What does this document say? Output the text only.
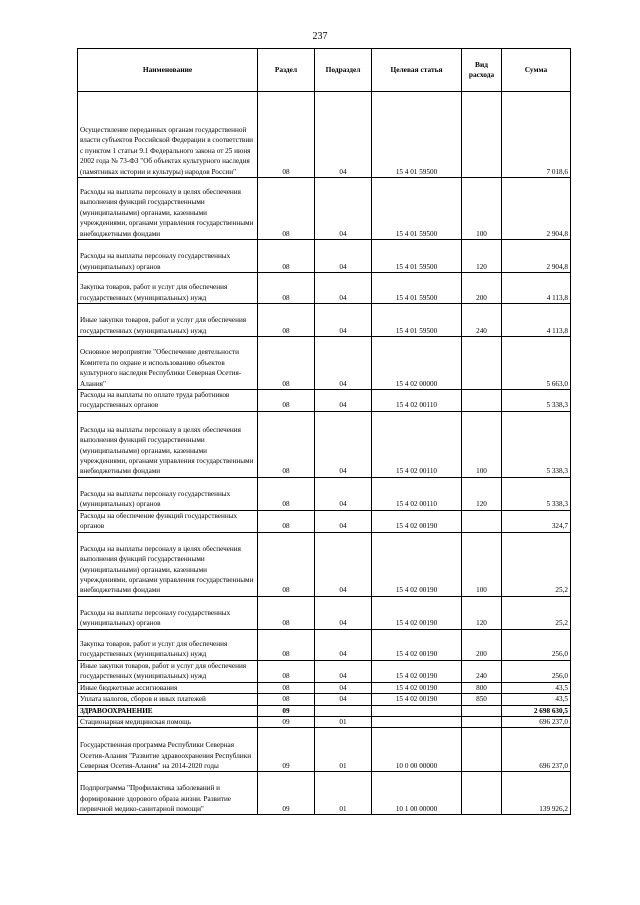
237
Наименование	Раздел	Подраздел	Целевая статья	Вид расхода	Сумма
Осуществление переданных органам государственной власти субъектов Российской Федерации в соответствии с пунктом 1 статьи 9.1 Федерального закона от 25 июня 2002 года № 73-ФЗ "Об объектах культурного наследия (памятниках истории и культуры) народов России"	08	04	15 4 01 59500		7 018,6
Расходы на выплаты персоналу в целях обеспечения выполнения функций государственными (муниципальными) органами, казенными учреждениями, органами управления государственными внебюджетными фондами	08	04	15 4 01 59500	100	2 904,8
Расходы на выплаты персоналу государственных (муниципальных) органов	08	04	15 4 01 59500	120	2 904,8
Закупка товаров, работ и услуг для обеспечения государственных (муниципальных) нужд	08	04	15 4 01 59500	200	4 113,8
Иные закупки товаров, работ и услуг для обеспечения государственных (муниципальных) нужд	08	04	15 4 01 59500	240	4 113,8
Основное мероприятие "Обеспечение деятельности Комитета по охране и использованию объектов культурного наследия Республики Северная Осетия-Алания"	08	04	15 4 02 00000		5 663,0
Расходы на выплаты по оплате труда работников государственных органов	08	04	15 4 02 00110		5 338,3
Расходы на выплаты персоналу в целях обеспечения выполнения функций государственными (муниципальными) органами, казенными учреждениями, органами управления государственными внебюджетными фондами	08	04	15 4 02 00110	100	5 338,3
Расходы на выплаты персоналу государственных (муниципальных) органов	08	04	15 4 02 00110	120	5 338,3
Расходы на обеспечение функций государственных органов	08	04	15 4 02 00190		324,7
Расходы на выплаты персоналу в целях обеспечения выполнения функций государственными (муниципальными) органами, казенными учреждениями, органами управления государственными внебюджетными фондами	08	04	15 4 02 00190	100	25,2
Расходы на выплаты персоналу государственных (муниципальных) органов	08	04	15 4 02 00190	120	25,2
Закупка товаров, работ и услуг для обеспечения государственных (муниципальных) нужд	08	04	15 4 02 00190	200	256,0
Иные закупки товаров, работ и услуг для обеспечения государственных (муниципальных) нужд	08	04	15 4 02 00190	240	256,0
Иные бюджетные ассигнования	08	04	15 4 02 00190	800	43,5
Уплата налогов, сборов и иных платежей	08	04	15 4 02 00190	850	43,5
ЗДРАВООХРАНЕНИЕ	09				2 698 630,5
Стационарная медицинская помощь	09	01			696 237,0
Государственная программа Республики Северная Осетия-Алания "Развитие здравоохранения Республики Северная Осетия-Алания" на 2014-2020 годы	09	01	10 0 00 00000		696 237,0
Подпрограмма "Профилактика заболеваний и формирование здорового образа жизни. Развитие первичной медико-санитарной помощи"	09	01	10 1 00 00000		139 926,2
